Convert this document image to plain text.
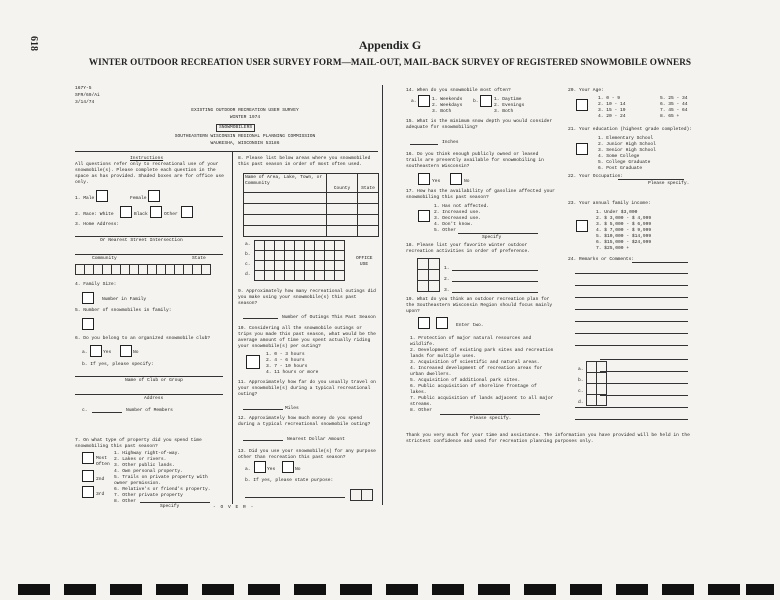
618	Appendix G
WINTER OUTDOOR RECREATION USER SURVEY FORM—MAIL-OUT, MAIL-BACK SURVEY OF REGISTERED SNOWMOBILE OWNERS
167Y-5
SFR/69/Ai
3/14/74
EXISTING OUTDOOR RECREATION USER SURVEY
WINTER 1974
SNOWMOBILERS
SOUTHEASTERN WISCONSIN REGIONAL PLANNING COMMISSION
WAUKESHA, WISCONSIN 53186
Instructions
All questions refer only to recreational use of your snowmobile(s). Please complete each question in the space as has provided. Shaded boxes are for office use only.
1. Male	Female
2. Race: White	Black	Other
3. Home Address:
Or Nearest Street Intersection
Community	State

4. Family Size:
Number in Family
5. Number of snowmobiles in family:
6. Do you belong to an organized snowmobile club?
a.	Yes	No
b. If yes, please specify:
Name of Club or Group
Address
c.	Number of Members
7. On what type of property did you spend time snowmobiling this past season?
Most
Often
2nd
3rd
1. Highway right-of-way.
2. Lakes or rivers.
3. Other public lands.
4. Own personal property.
5. Trails on private property with
owner permission.
6. Relative's or friend's property.
7. Other private property
8. Other
Specify
8. Please list below areas where you snowmobiled this past season in order of most often used.
Name of Area, Lake, Town, or Community	County	State

a.
b.
c.
d.

OFFICE USE
9. Approximately how many recreational outings did you make using your snowmobile(s) this past season?
Number of Outings This Past Season
10. Considering all the snowmobile outings or trips you made this past season, what would be the average amount of time you spent actually riding your snowmobile(s) per outing?
1. 0 - 3 hours
2. 4 - 6 hours
3. 7 - 10 hours
4. 11 hours or more
11. Approximately how far do you usually travel on your snowmobile(s) during a typical recreational outing?
Miles
12. Approximately how much money do you spend during a typical recreational snowmobile outing?
Nearest Dollar Amount
13. Did you use your snowmobile(s) for any purpose other than recreation this past season?
a.	Yes	No
b. If yes, please state purpose:

- O V E R -
14. When do you snowmobile most often?
a.	1. Weekends
2. Weekdays
3. Both
b.	1. Daytime
2. Evenings
3. Both
15. What is the minimum snow depth you would consider adequate for snowmobiling?
Inches
16. Do you think enough publicly owned or leased trails are presently available for snowmobiling in southeastern Wisconsin?
Yes	No
17. How has the availability of gasoline affected your snowmobiling this past season?
1. Has not affected.
2. Increased use.
3. Decreased use.
4. Don't know.
5. Other
Specify
18. Please list your favorite winter outdoor recreation activities in order of preference.

1.
2.
3.
19. What do you think an outdoor recreation plan for the Southeastern Wisconsin Region should focus mainly upon?
Enter two.
1. Protection of major natural resources and wildlife.
2. Development of existing park sites and recreation lands for multiple uses.
3. Acquisition of scientific and natural areas.
4. Increased development of recreation areas for urban dwellers.
5. Acquisition of additional park sites.
6. Public acquisition of shoreline frontage of lakes.
7. Public acquisition of lands adjacent to all major streams.
8. Other
Please specify.
20. Your Age:
1. 0 - 9
2. 10 - 14
3. 15 - 19
4. 20 - 24
5. 25 - 34
6. 35 - 44
7. 45 - 64
8. 65 +
21. Your education (highest grade completed):
1. Elementary School
2. Junior High School
3. Senior High School
4. Some College
5. College Graduate
6. Post Graduate
22. Your Occupation:
Please specify.
23. Your annual family income:
1. Under $3,000
2. $ 3,000 - $ 4,999
3. $ 5,000 - $ 6,999
4. $ 7,000 - $ 9,999
5. $10,000 - $14,999
6. $15,000 - $24,999
7. $25,000 +
24. Remarks or Comments:
a.
b.
c.
d.

Thank you very much for your time and assistance. The information you have provided will be held in the strictest confidence and used for recreation planning purposes only.
